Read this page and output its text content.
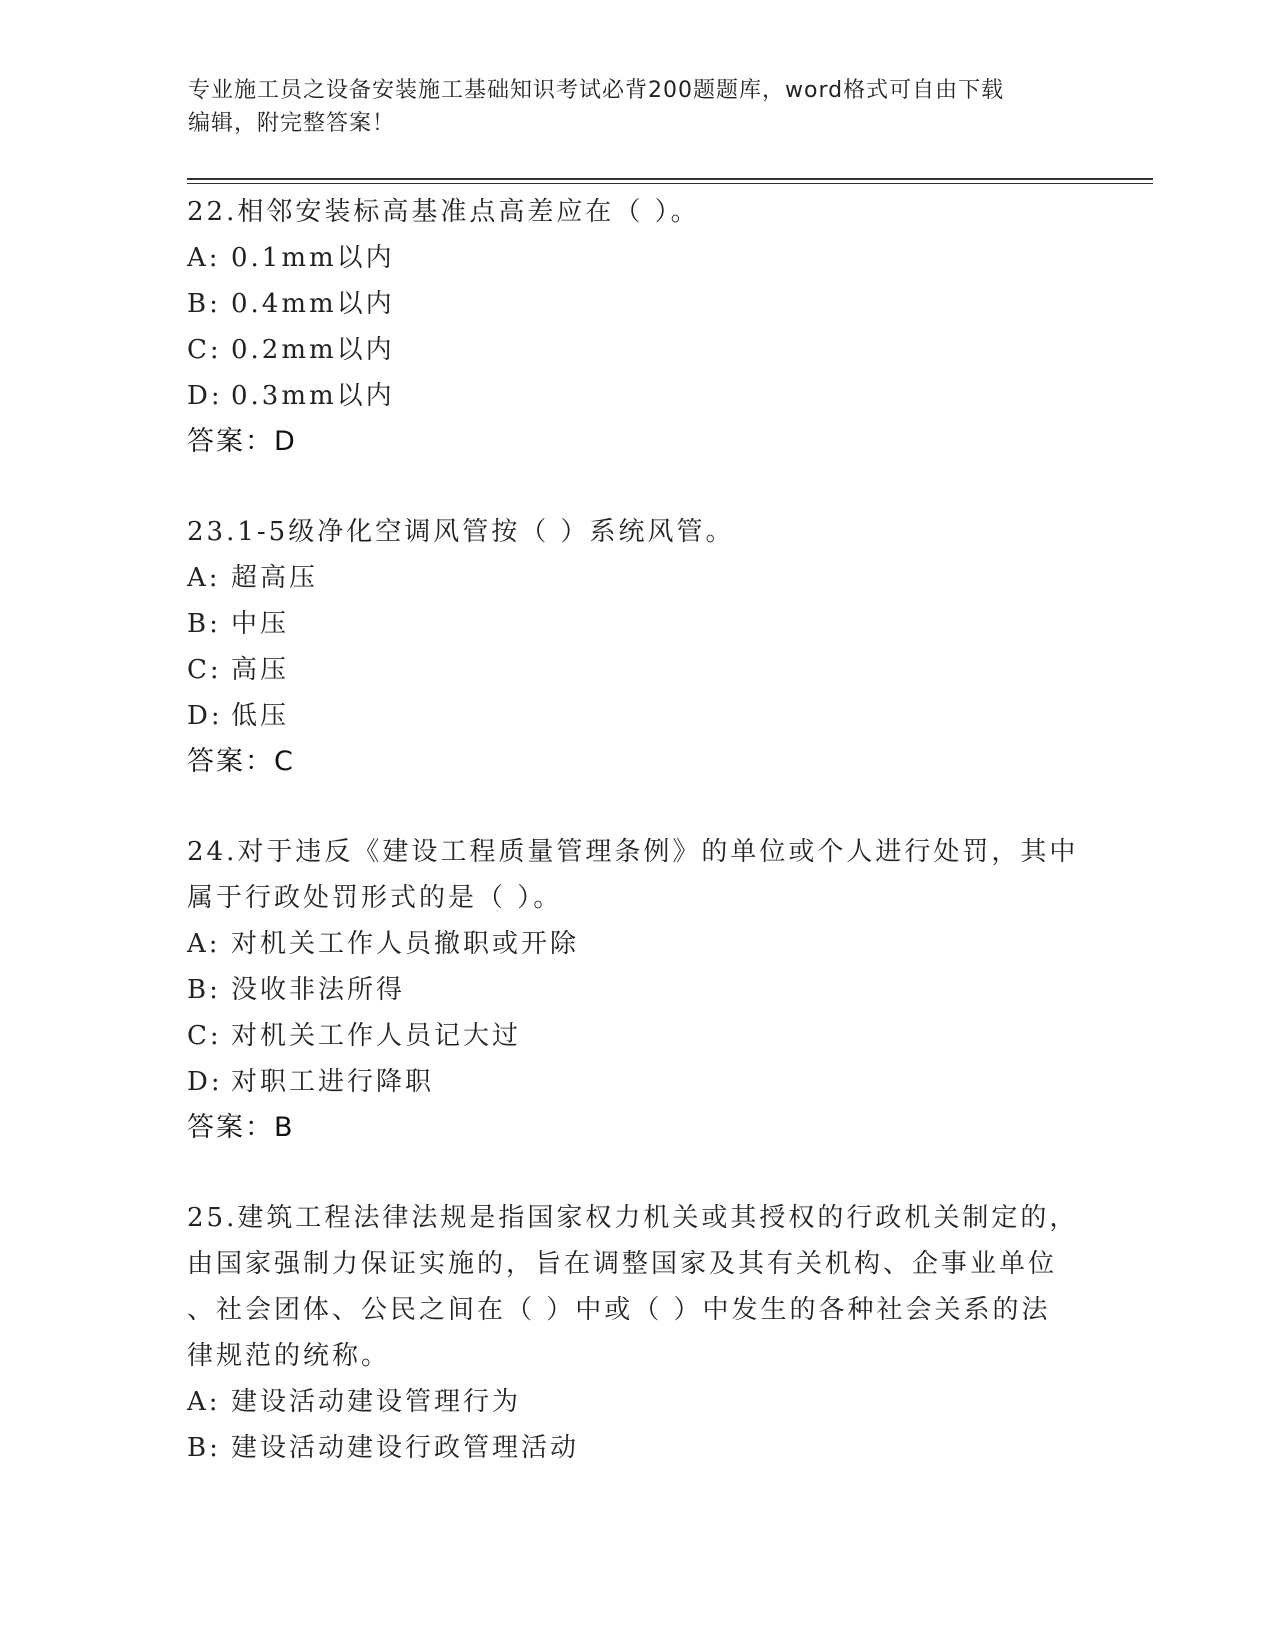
专业施工员之设备安装施工基础知识考试必背200题题库，word格式可自由下载
编辑，附完整答案！
22.相邻安装标高基准点高差应在（ ）。
A: 0.1mm以内
B: 0.4mm以内
C: 0.2mm以内
D: 0.3mm以内
答案：D
23.1-5级净化空调风管按（ ）系统风管。
A: 超高压
B: 中压
C: 高压
D: 低压
答案：C
24.对于违反《建设工程质量管理条例》的单位或个人进行处罚，其中
属于行政处罚形式的是（ ）。
A: 对机关工作人员撤职或开除
B: 没收非法所得
C: 对机关工作人员记大过
D: 对职工进行降职
答案：B
25.建筑工程法律法规是指国家权力机关或其授权的行政机关制定的，
由国家强制力保证实施的，旨在调整国家及其有关机构、企事业单位
、社会团体、公民之间在（ ）中或（ ）中发生的各种社会关系的法
律规范的统称。
A: 建设活动建设管理行为
B: 建设活动建设行政管理活动
